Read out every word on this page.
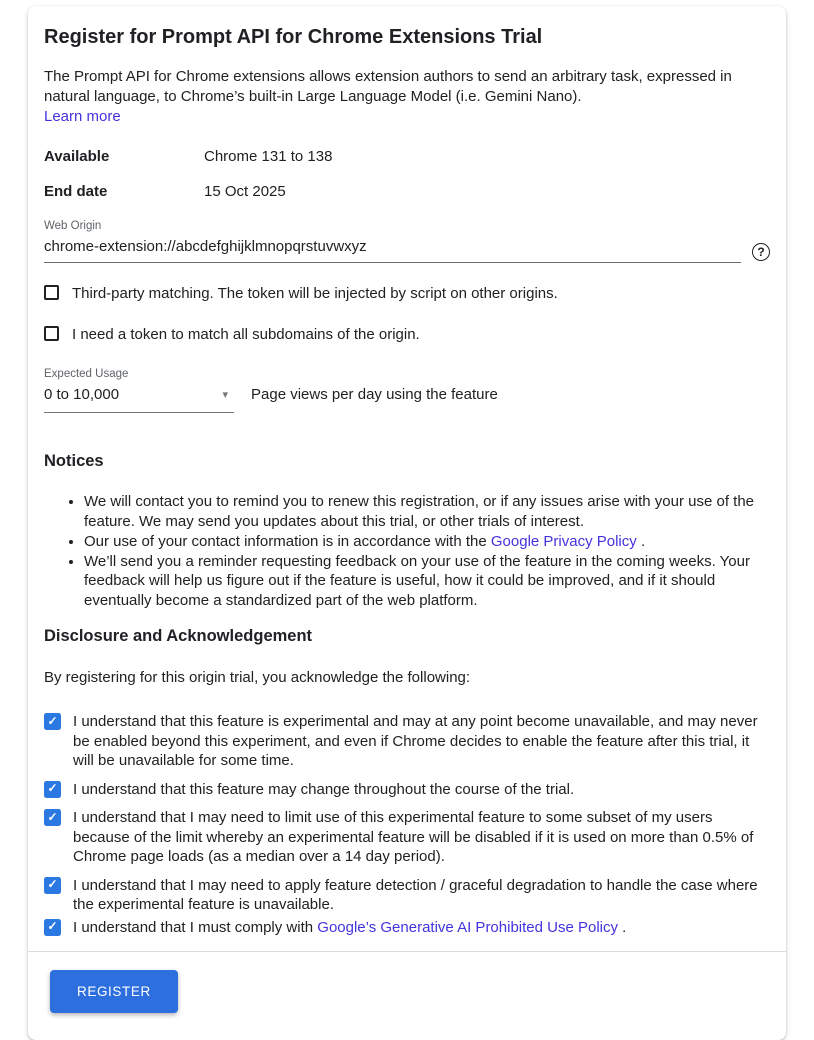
Register for Prompt API for Chrome Extensions Trial

The Prompt API for Chrome extensions allows extension authors to send an arbitrary task, expressed in natural language, to Chrome’s built-in Large Language Model (i.e. Gemini Nano).

Learn more
Available	Chrome 131 to 138
End date	15 Oct 2025
Web Origin
chrome-extension://abcdefghijklmnopqrstuvwxyz	?
Third-party matching. The token will be injected by script on other origins.
I need a token to match all subdomains of the origin.
Expected Usage
0 to 10,000	▾	Page views per day using the feature
Notices
• We will contact you to remind you to renew this registration, or if any issues arise with your use of the feature. We may send you updates about this trial, or other trials of interest.
• Our use of your contact information is in accordance with the Google Privacy Policy .
• We’ll send you a reminder requesting feedback on your use of the feature in the coming weeks. Your feedback will help us figure out if the feature is useful, how it could be improved, and if it should eventually become a standardized part of the web platform.
Disclosure and Acknowledgement

By registering for this origin trial, you acknowledge the following:

✓ I understand that this feature is experimental and may at any point become unavailable, and may never be enabled beyond this experiment, and even if Chrome decides to enable the feature after this trial, it will be unavailable for some time.
✓ I understand that this feature may change throughout the course of the trial.
✓ I understand that I may need to limit use of this experimental feature to some subset of my users because of the limit whereby an experimental feature will be disabled if it is used on more than 0.5% of Chrome page loads (as a median over a 14 day period).
✓ I understand that I may need to apply feature detection / graceful degradation to handle the case where the experimental feature is unavailable.
✓ I understand that I must comply with Google’s Generative AI Prohibited Use Policy .
REGISTER
